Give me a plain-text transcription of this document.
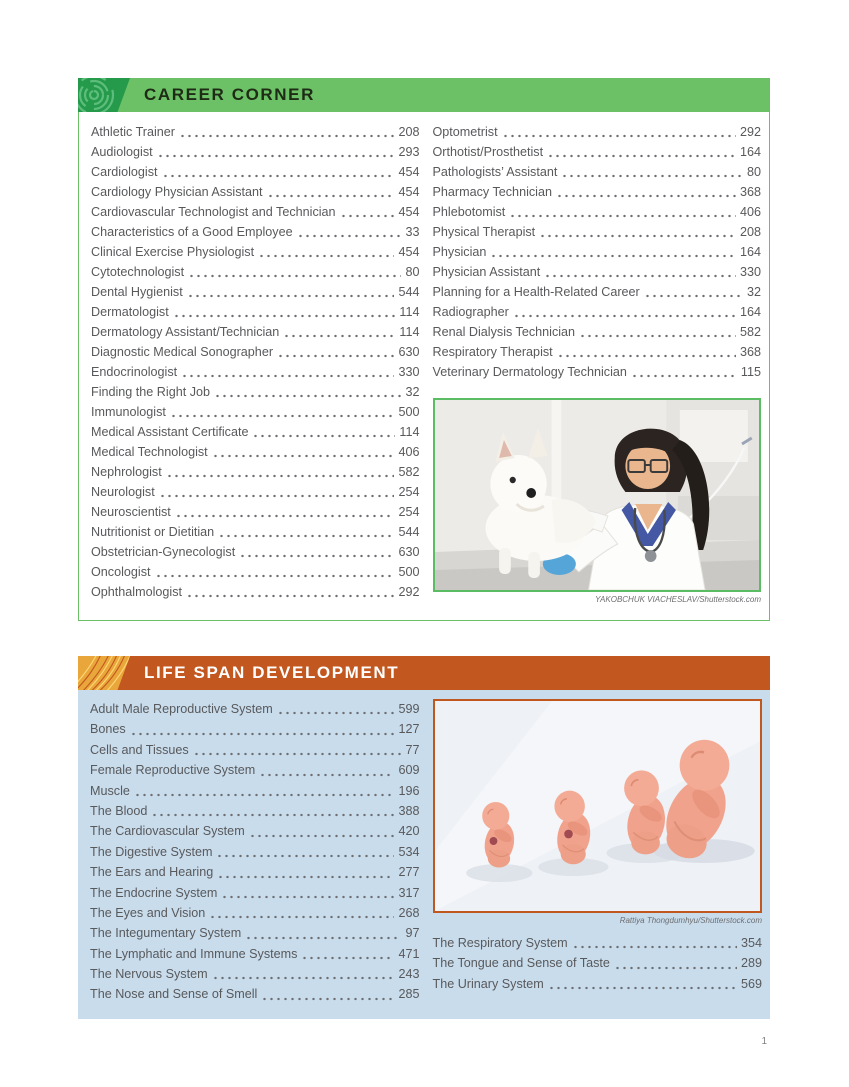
CAREER CORNER
Athletic Trainer	208
Audiologist	293
Cardiologist	454
Cardiology Physician Assistant	454
Cardiovascular Technologist and Technician	454
Characteristics of a Good Employee	33
Clinical Exercise Physiologist	454
Cytotechnologist	80
Dental Hygienist	544
Dermatologist	114
Dermatology Assistant/Technician	114
Diagnostic Medical Sonographer	630
Endocrinologist	330
Finding the Right Job	32
Immunologist	500
Medical Assistant Certificate	114
Medical Technologist	406
Nephrologist	582
Neurologist	254
Neuroscientist	254
Nutritionist or Dietitian	544
Obstetrician-Gynecologist	630
Oncologist	500
Ophthalmologist	292
Optometrist	292
Orthotist/Prosthetist	164
Pathologists’ Assistant	80
Pharmacy Technician	368
Phlebotomist	406
Physical Therapist	208
Physician	164
Physician Assistant	330
Planning for a Health-Related Career	32
Radiographer	164
Renal Dialysis Technician	582
Respiratory Therapist	368
Veterinary Dermatology Technician	115
YAKOBCHUK VIACHESLAV/Shutterstock.com
LIFE SPAN DEVELOPMENT
Adult Male Reproductive System	599
Bones	127
Cells and Tissues	77
Female Reproductive System	609
Muscle	196
The Blood	388
The Cardiovascular System	420
The Digestive System	534
The Ears and Hearing	277
The Endocrine System	317
The Eyes and Vision	268
The Integumentary System	97
The Lymphatic and Immune Systems	471
The Nervous System	243
The Nose and Sense of Smell	285
Rattiya Thongdumhyu/Shutterstock.com
The Respiratory System	354
The Tongue and Sense of Taste	289
The Urinary System	569
1
